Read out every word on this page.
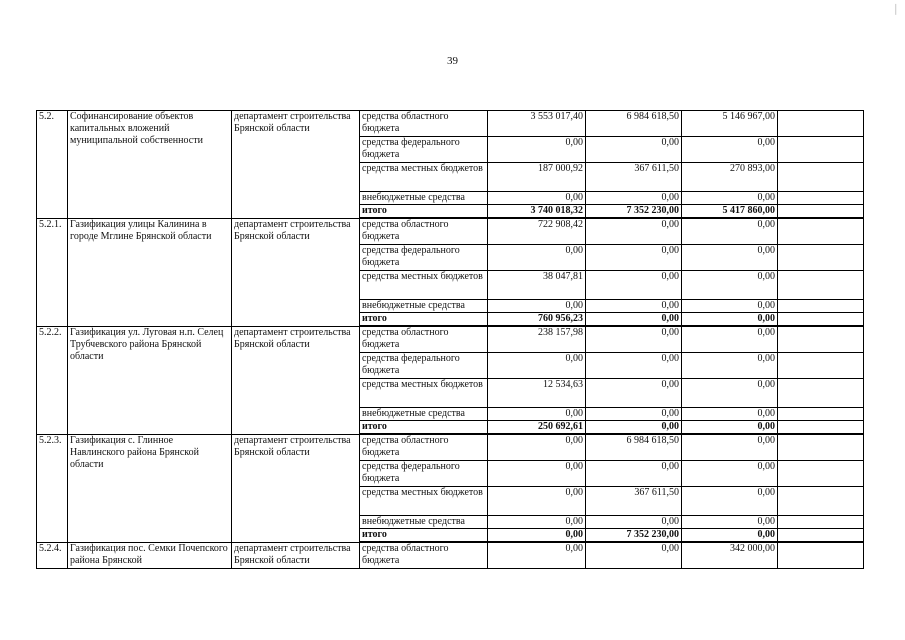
39
5.2.	Софинансирование объектов капитальных вложений муниципальной собственности	департамент строительства Брянской области	средства областного бюджета	3 553 017,40	6 984 618,50	5 146 967,00	
			средства федерального бюджета	0,00	0,00	0,00	
			средства местных бюджетов	187 000,92	367 611,50	270 893,00	
			внебюджетные средства	0,00	0,00	0,00	
			итого	3 740 018,32	7 352 230,00	5 417 860,00	
5.2.1.	Газификация улицы Калинина в городе Мглине Брянской области	департамент строительства Брянской области	средства областного бюджета	722 908,42	0,00	0,00	
			средства федерального бюджета	0,00	0,00	0,00	
			средства местных бюджетов	38 047,81	0,00	0,00	
			внебюджетные средства	0,00	0,00	0,00	
			итого	760 956,23	0,00	0,00	
5.2.2.	Газификация ул. Луговая н.п. Селец Трубчевского района Брянской области	департамент строительства Брянской области	средства областного бюджета	238 157,98	0,00	0,00	
			средства федерального бюджета	0,00	0,00	0,00	
			средства местных бюджетов	12 534,63	0,00	0,00	
			внебюджетные средства	0,00	0,00	0,00	
			итого	250 692,61	0,00	0,00	
5.2.3.	Газификация с. Глинное Навлинского района Брянской области	департамент строительства Брянской области	средства областного бюджета	0,00	6 984 618,50	0,00	
			средства федерального бюджета	0,00	0,00	0,00	
			средства местных бюджетов	0,00	367 611,50	0,00	
			внебюджетные средства	0,00	0,00	0,00	
			итого	0,00	7 352 230,00	0,00	
5.2.4.	Газификация пос. Семки Почепского района Брянской	департамент строительства Брянской области	средства областного бюджета	0,00	0,00	342 000,00	
│
